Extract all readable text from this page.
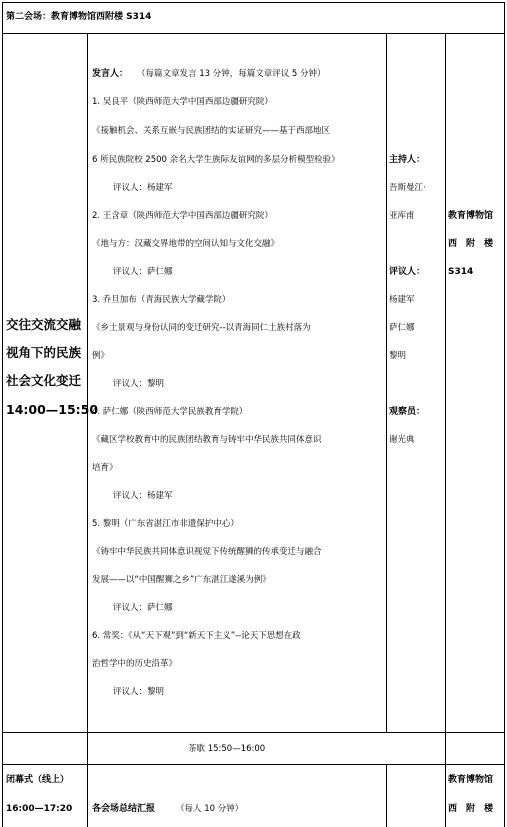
第二会场：教育博物馆西附楼 S314
交往交流交融
视角下的民族
社会文化变迁
14:00—15:50
发言人： （每篇文章发言 13 分钟，每篇文章评议 5 分钟）
1. 吴良平（陕西师范大学中国西部边疆研究院）
《接触机会、关系互嵌与民族团结的实证研究——基于西部地区
6 所民族院校 2500 余名大学生族际友谊网的多层分析模型检验》
评议人：杨建军
2. 王含章（陕西师范大学中国西部边疆研究院）
《地与方：汉藏交界地带的空间认知与文化交融》
评议人：萨仁娜
3. 乔旦加布（青海民族大学藏学院）
《乡土景观与身份认同的变迁研究--以青海同仁土族村落为
例》
评议人：黎明
4. 萨仁娜（陕西师范大学民族教育学院）
《藏区学校教育中的民族团结教育与铸牢中华民族共同体意识
培育》
评议人：杨建军
5. 黎明（广东省湛江市非遗保护中心）
《铸牢中华民族共同体意识视觉下传统醒狮的传承变迁与融合
发展——以“中国醒狮之乡”广东湛江遂溪为例》
评议人：萨仁娜
6. 常奖：《从“天下观”到“新天下主义”--论天下思想在政
治哲学中的历史沿革》
评议人：黎明
主持人：
吾斯曼江·
亚库甫
评议人：
杨建军
萨仁娜
黎明
观察员：
谢光典
教育博物馆
西　附　楼
S314
茶歇 15:50—16:00
闭幕式（线上）
16:00—17:20 各会场总结汇报 （每人 10 分钟）
教育博物馆
西　附　楼
